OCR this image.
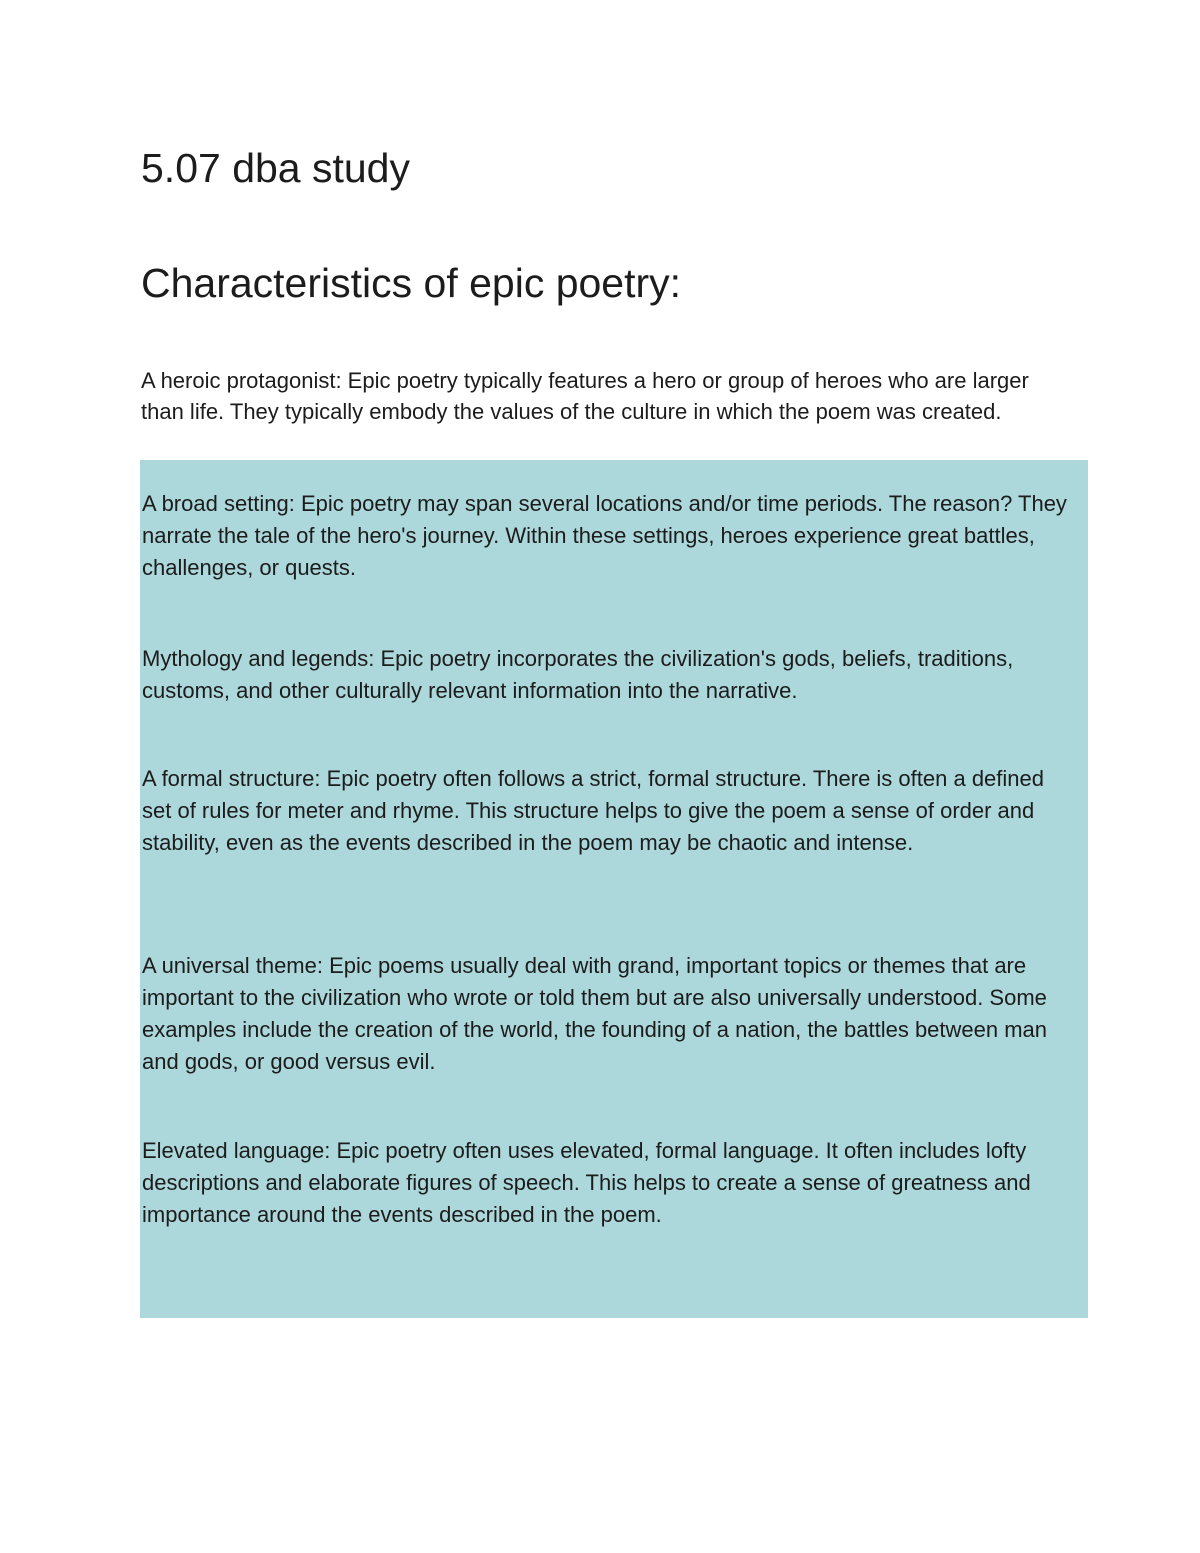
5.07 dba study
Characteristics of epic poetry:

A heroic protagonist: Epic poetry typically features a hero or group of heroes who are larger than life. They typically embody the values of the culture in which the poem was created.

A broad setting: Epic poetry may span several locations and/or time periods. The reason? They narrate the tale of the hero's journey. Within these settings, heroes experience great battles, challenges, or quests.

Mythology and legends: Epic poetry incorporates the civilization's gods, beliefs, traditions, customs, and other culturally relevant information into the narrative.

A formal structure: Epic poetry often follows a strict, formal structure. There is often a defined set of rules for meter and rhyme. This structure helps to give the poem a sense of order and stability, even as the events described in the poem may be chaotic and intense.

A universal theme: Epic poems usually deal with grand, important topics or themes that are important to the civilization who wrote or told them but are also universally understood. Some examples include the creation of the world, the founding of a nation, the battles between man and gods, or good versus evil.

Elevated language: Epic poetry often uses elevated, formal language. It often includes lofty descriptions and elaborate figures of speech. This helps to create a sense of greatness and importance around the events described in the poem.
